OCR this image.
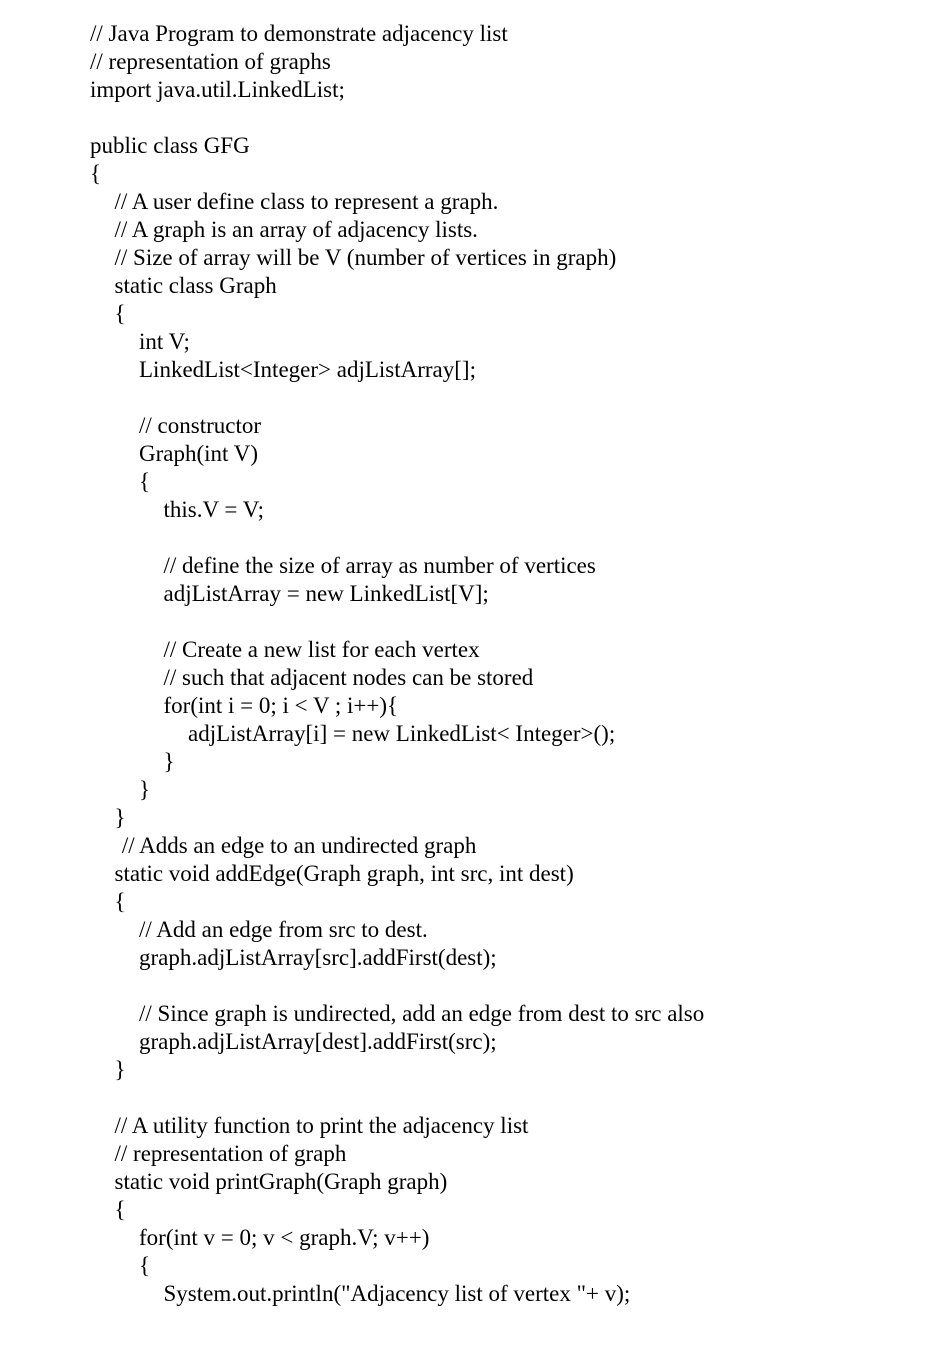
// Java Program to demonstrate adjacency list
// representation of graphs
import java.util.LinkedList;
public class GFG
{
// A user define class to represent a graph.
// A graph is an array of adjacency lists.
// Size of array will be V (number of vertices in graph)
static class Graph
{
int V;
LinkedList<Integer> adjListArray[];
// constructor
Graph(int V)
{
this.V = V;
// define the size of array as number of vertices
adjListArray = new LinkedList[V];
// Create a new list for each vertex
// such that adjacent nodes can be stored
for(int i = 0; i < V ; i++){
adjListArray[i] = new LinkedList< Integer>();
}
}
}
// Adds an edge to an undirected graph
static void addEdge(Graph graph, int src, int dest)
{
// Add an edge from src to dest.
graph.adjListArray[src].addFirst(dest);
// Since graph is undirected, add an edge from dest to src also
graph.adjListArray[dest].addFirst(src);
}
// A utility function to print the adjacency list
// representation of graph
static void printGraph(Graph graph)
{
for(int v = 0; v < graph.V; v++)
{
System.out.println("Adjacency list of vertex "+ v);
